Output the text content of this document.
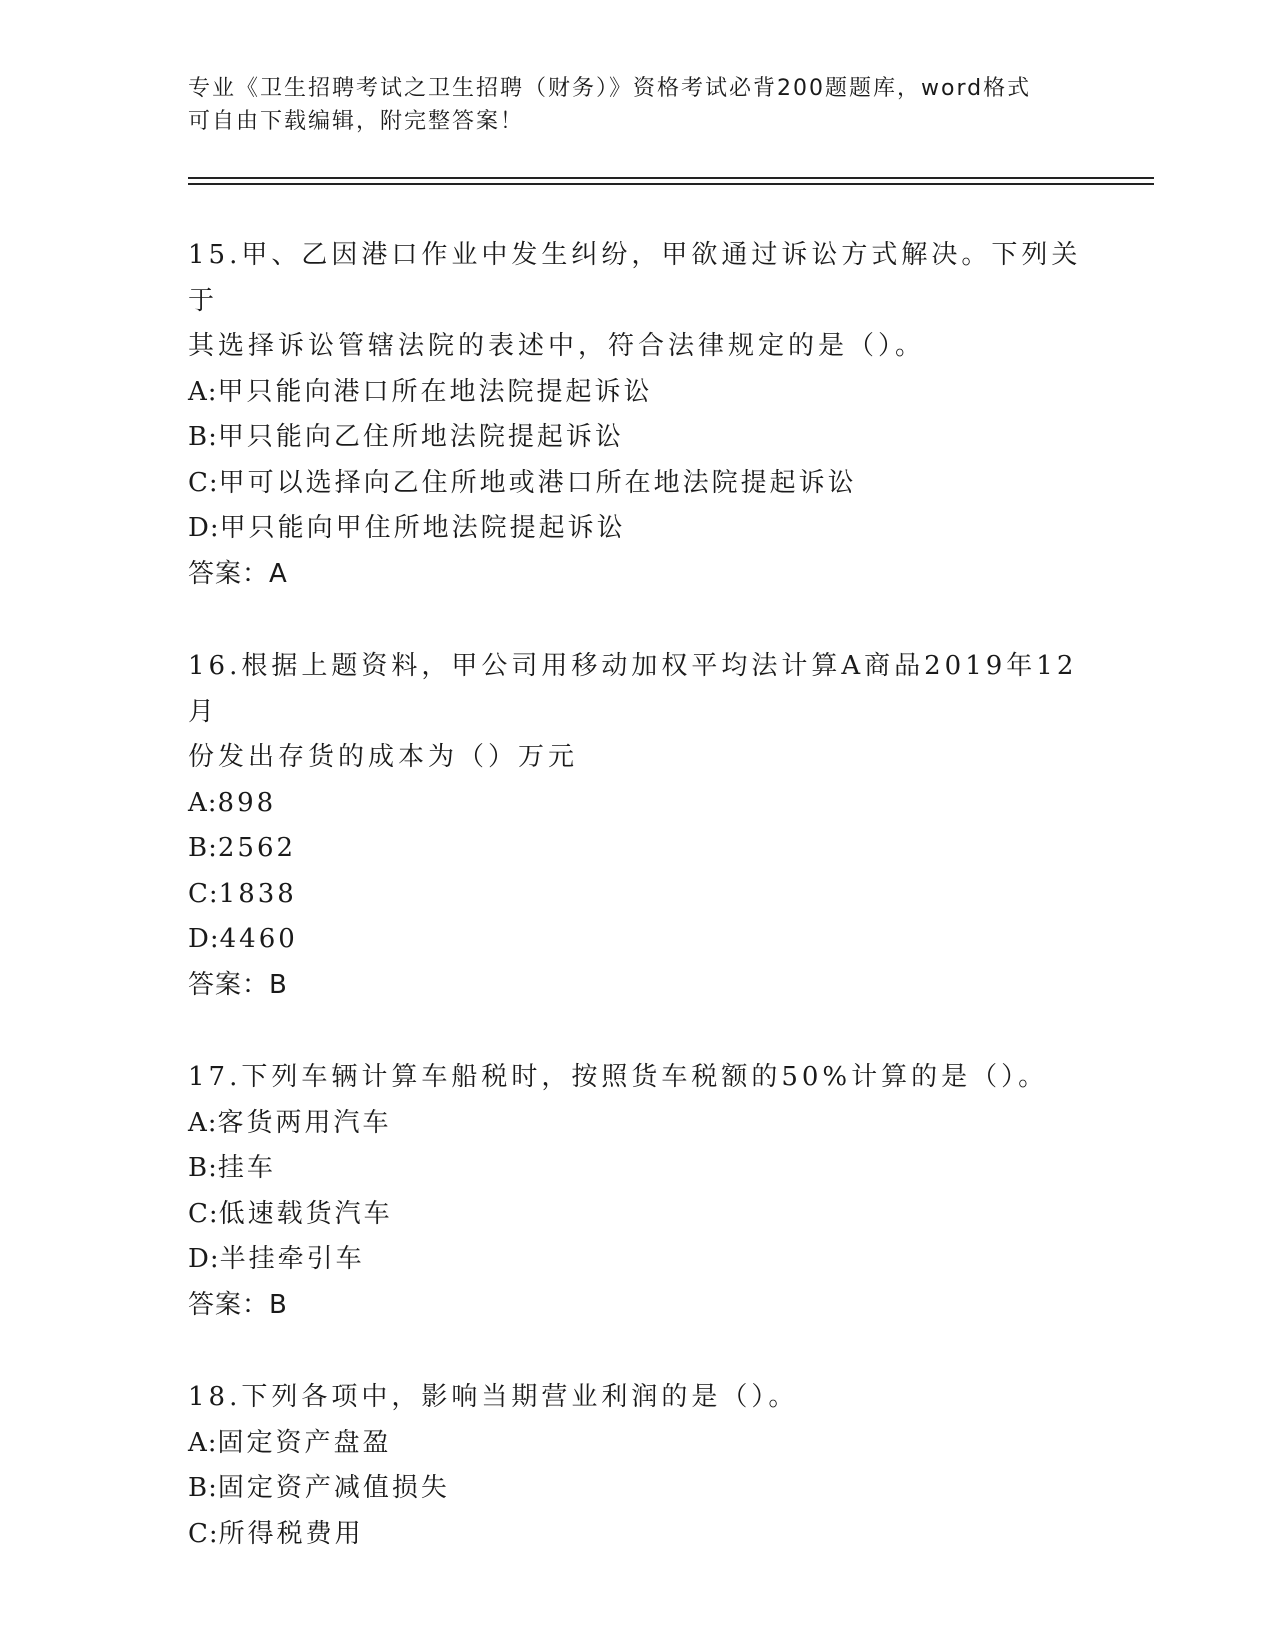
专业《卫生招聘考试之卫生招聘（财务）》资格考试必背200题题库，word格式
可自由下载编辑，附完整答案！
15.甲、乙因港口作业中发生纠纷，甲欲通过诉讼方式解决。下列关于
其选择诉讼管辖法院的表述中，符合法律规定的是（）。
A:甲只能向港口所在地法院提起诉讼
B:甲只能向乙住所地法院提起诉讼
C:甲可以选择向乙住所地或港口所在地法院提起诉讼
D:甲只能向甲住所地法院提起诉讼
答案：A
16.根据上题资料，甲公司用移动加权平均法计算A商品2019年12月
份发出存货的成本为（）万元
A:898
B:2562
C:1838
D:4460
答案：B
17.下列车辆计算车船税时，按照货车税额的50%计算的是（）。
A:客货两用汽车
B:挂车
C:低速载货汽车
D:半挂牵引车
答案：B
18.下列各项中，影响当期营业利润的是（）。
A:固定资产盘盈
B:固定资产减值损失
C:所得税费用
